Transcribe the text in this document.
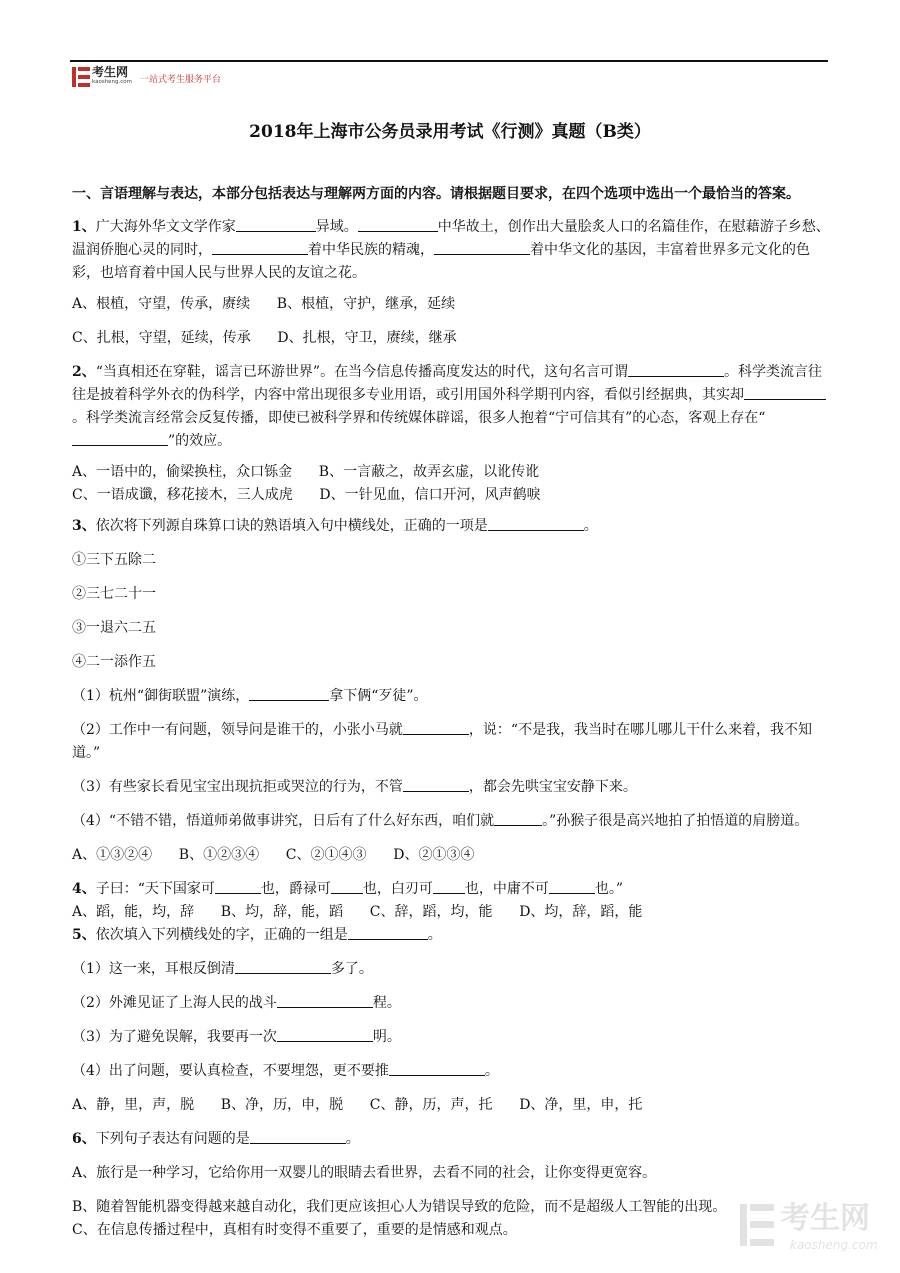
考生网
kaosheng.com 一站式考生服务平台
2018年上海市公务员录用考试《行测》真题（B类）

一、言语理解与表达，本部分包括表达与理解两方面的内容。请根据题目要求，在四个选项中选出一个最恰当的答案。

1、广大海外华文文学作家	异域。	中华故土，创作出大量脍炙人口的名篇佳作，在慰藉游子乡愁、温润侨胞心灵的同时，	着中华民族的精魂，	着中华文化的基因，丰富着世界多元文化的色彩，也培育着中国人民与世界人民的友谊之花。

A、根植，守望，传承，赓续      B、根植，守护，继承，延续

C、扎根，守望，延续，传承      D、扎根，守卫，赓续，继承

2、“当真相还在穿鞋，谣言已环游世界”。在当今信息传播高度发达的时代，这句名言可谓	。科学类流言往往是披着科学外衣的伪科学，内容中常出现很多专业用语，或引用国外科学期刊内容，看似引经据典，其实却。科学类流言经常会反复传播，即使已被科学界和传统媒体辟谣，很多人抱着“宁可信其有”的心态，客观上存在“”的效应。

A、一语中的，偷梁换柱，众口铄金      B、一言蔽之，故弄玄虚，以讹传讹

C、一语成谶，移花接木，三人成虎      D、一针见血，信口开河，风声鹤唳

3、依次将下列源自珠算口诀的熟语填入句中横线处，正确的一项是	。

①三下五除二

②三七二十一

③一退六二五

④二一添作五

（1）杭州“御街联盟”演练，	拿下俩“歹徒”。

（2）工作中一有问题，领导问是谁干的，小张小马就	，说：“不是我，我当时在哪儿哪儿干什么来着，我不知道。”

（3）有些家长看见宝宝出现抗拒或哭泣的行为，不管	，都会先哄宝宝安静下来。

（4）“不错不错，悟道师弟做事讲究，日后有了什么好东西，咱们就	。”孙猴子很是高兴地拍了拍悟道的肩膀道。

A、①③②④      B、①②③④      C、②①④③      D、②①③④

4、子曰：“天下国家可	也，爵禄可 也，白刃可 也，中庸不可	也。”

A、蹈，能，均，辞      B、均，辞，能，蹈      C、辞，蹈，均，能      D、均，辞，蹈，能

5、依次填入下列横线处的字，正确的一组是	。

（1）这一来，耳根反倒清	多了。

（2）外滩见证了上海人民的战斗	程。

（3）为了避免误解，我要再一次	明。

（4）出了问题，要认真检查，不要埋怨，更不要推	。

A、静，里，声，脱      B、净，历，申，脱      C、静，历，声，托      D、净，里，申，托

6、下列句子表达有问题的是	。

A、旅行是一种学习，它给你用一双婴儿的眼睛去看世界，去看不同的社会，让你变得更宽容。

B、随着智能机器变得越来越自动化，我们更应该担心人为错误导致的危险，而不是超级人工智能的出现。

C、在信息传播过程中，真相有时变得不重要了，重要的是情感和观点。	考生网
kaosheng.com
